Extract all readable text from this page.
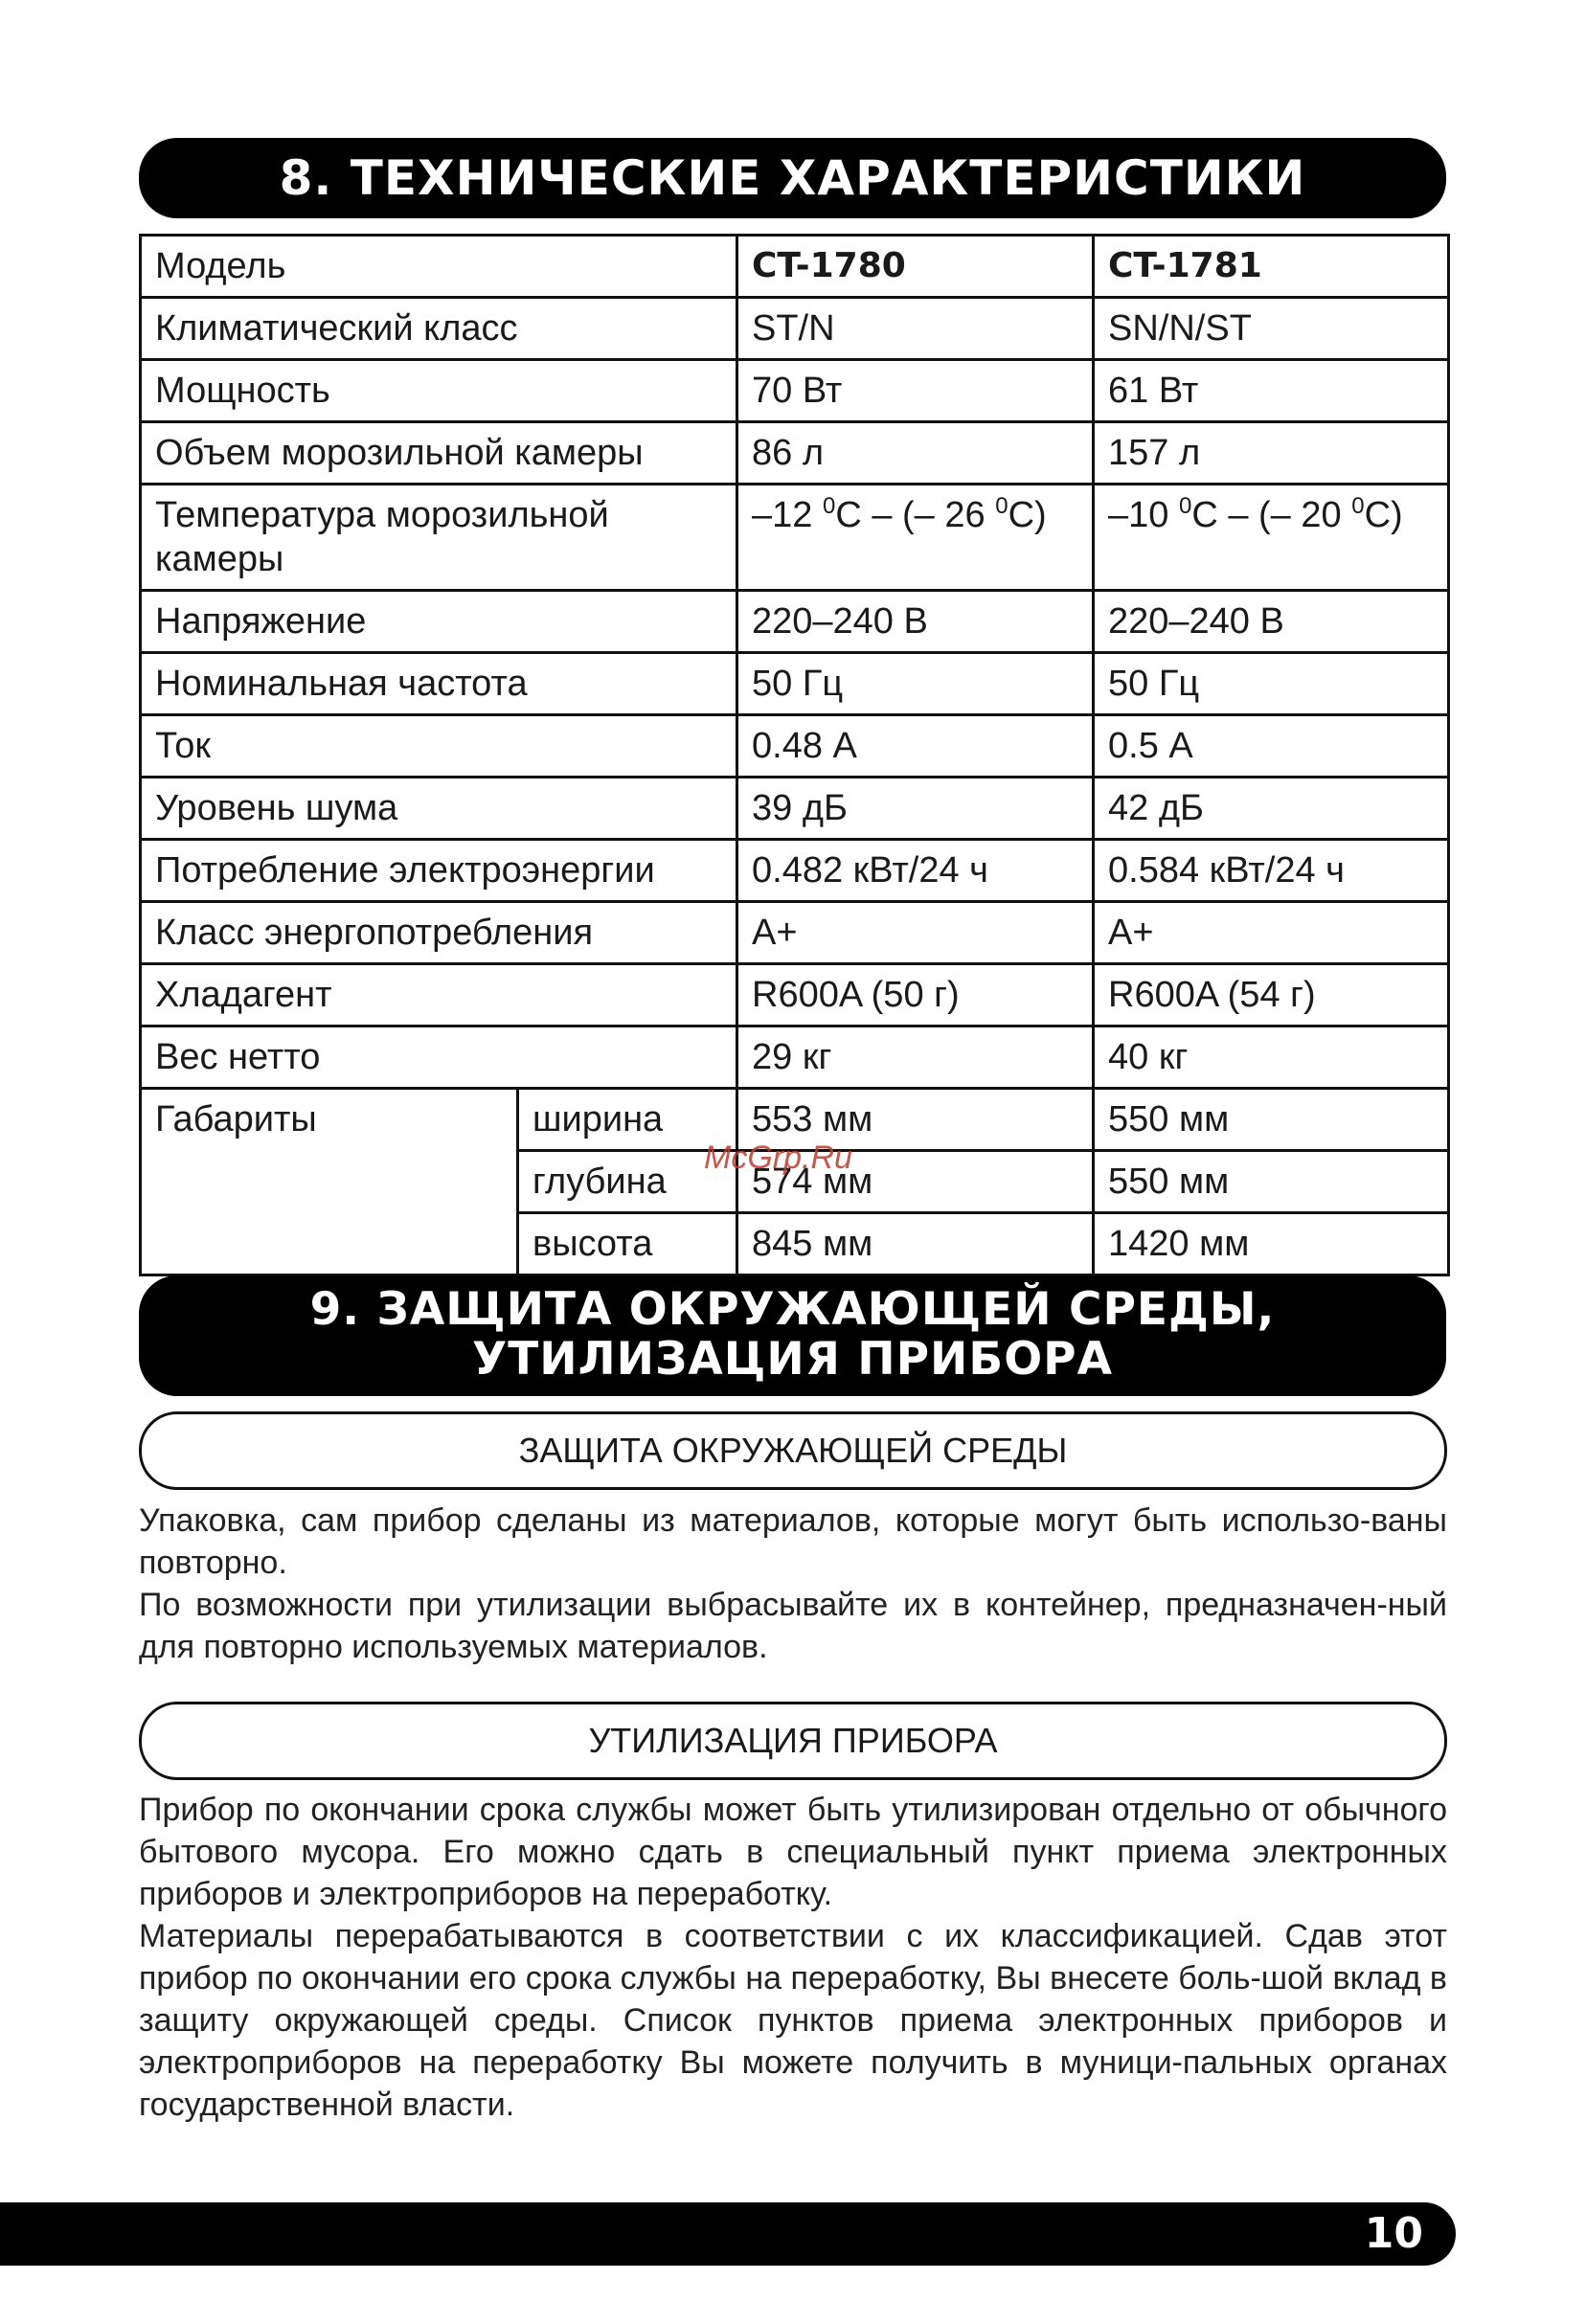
8. ТЕХНИЧЕСКИЕ ХАРАКТЕРИСТИКИ
Модель		CT-1780	CT-1781
Климатический класс		ST/N	SN/N/ST
Мощность		70 Вт	61 Вт
Объем морозильной камеры		86 л	157 л
Температура морозильной камеры		–12 $^0$C – (– 26 $^0$C)	–10 $^0$C – (– 20 $^0$C)
Напряжение		220–240 В	220–240 В
Номинальная частота		50 Гц	50 Гц
Ток		0.48 А	0.5 А
Уровень шума		39 дБ	42 дБ
Потребление электроэнергии		0.482 кВт/24 ч	0.584 кВт/24 ч
Класс энергопотребления		A+	A+
Хладагент		R600A (50 г)	R600A (54 г)
Вес нетто		29 кг	40 кг
Габариты	ширина	553 мм	550 мм
	глубина	574 мм	550 мм
	высота	845 мм	1420 мм
McGrp.Ru
9. ЗАЩИТА ОКРУЖАЮЩЕЙ СРЕДЫ,
УТИЛИЗАЦИЯ ПРИБОРА
ЗАЩИТА ОКРУЖАЮЩЕЙ СРЕДЫ

Упаковка, сам прибор сделаны из материалов, которые могут быть использо-ваны повторно.

По возможности при утилизации выбрасывайте их в контейнер, предназначен-ный для повторно используемых материалов.

УТИЛИЗАЦИЯ ПРИБОРА

Прибор по окончании срока службы может быть утилизирован отдельно от обычного бытового мусора. Его можно сдать в специальный пункт приема электронных приборов и электроприборов на переработку.

Материалы перерабатываются в соответствии с их классификацией. Сдав этот прибор по окончании его срока службы на переработку, Вы внесете боль-шой вклад в защиту окружающей среды. Список пунктов приема электронных приборов и электроприборов на переработку Вы можете получить в муници-пальных органах государственной власти.

10
